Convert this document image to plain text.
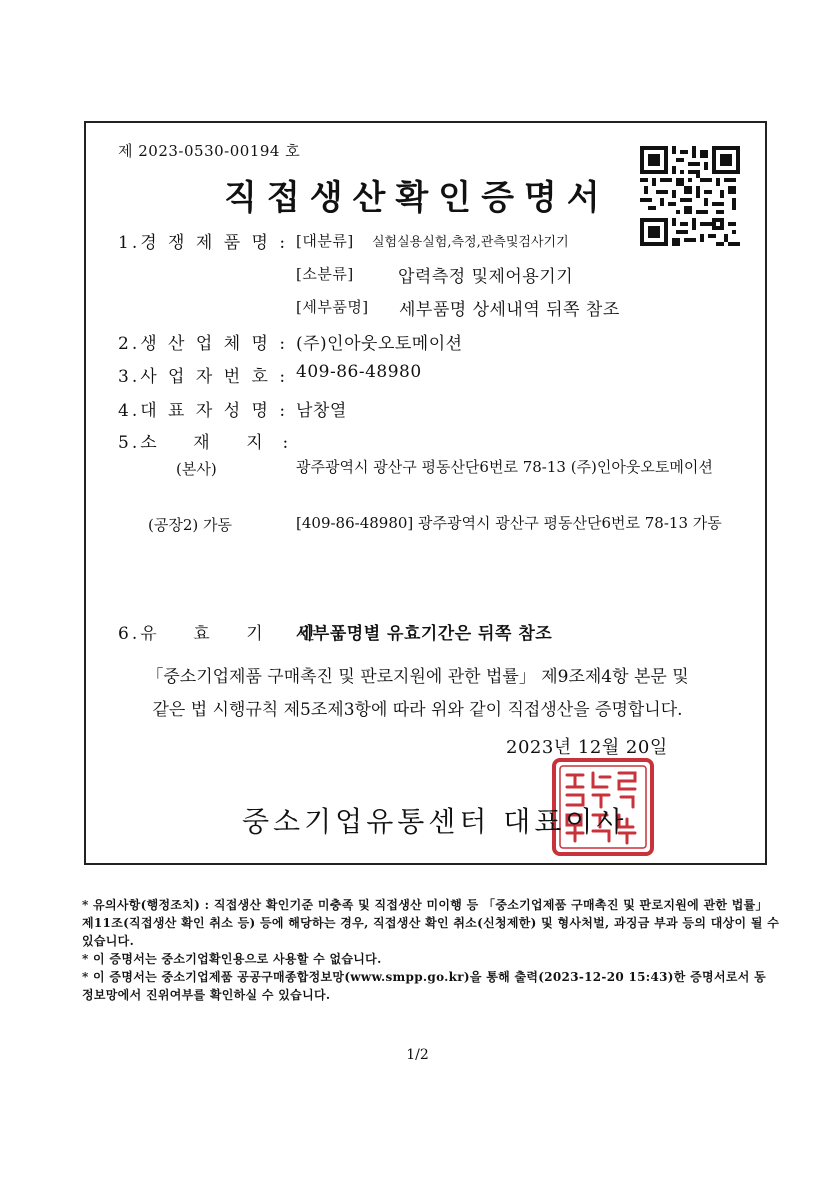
제 2023-0530-00194 호
직접생산확인증명서
1.경 쟁 제 품 명 : [대분류] 실험실용실험,측정,관측및검사기기
[소분류]	압력측정 및제어용기기
[세부품명] 세부품명 상세내역 뒤쪽 참조
2.생 산 업 체 명 : (주)인아웃오토메이션
3.사 업 자 번 호 : 409-86-48980
4.대 표 자 성 명 : 남창열
5.소    재    지  :
(본사)	광주광역시 광산구 평동산단6번로 78-13 (주)인아웃오토메이션
(공장2) 가동	[409-86-48980] 광주광역시 광산구 평동산단6번로 78-13 가동
6.유    효    기    간  :
세부품명별 유효기간은 뒤쪽 참조
「중소기업제품 구매촉진 및 판로지원에 관한 법률」 제9조제4항 본문 및
같은 법 시행규칙 제5조제3항에 따라 위와 같이 직접생산을 증명합니다.
2023년 12월 20일
중소기업유통센터 대표이사

* 유의사항(행정조치) : 직접생산 확인기준 미충족 및 직접생산 미이행 등 「중소기업제품 구매촉진 및 판로지원에 관한 법률」 제11조(직접생산 확인 취소 등) 등에 해당하는 경우, 직접생산 확인 취소(신청제한) 및 형사처벌, 과징금 부과 등의 대상이 될 수 있습니다.

* 이 증명서는 중소기업확인용으로 사용할 수 없습니다.

* 이 증명서는 중소기업제품 공공구매종합정보망(www.smpp.go.kr)을 통해 출력(2023-12-20 15:43)한 증명서로서 동 정보망에서 진위여부를 확인하실 수 있습니다.

1/2
